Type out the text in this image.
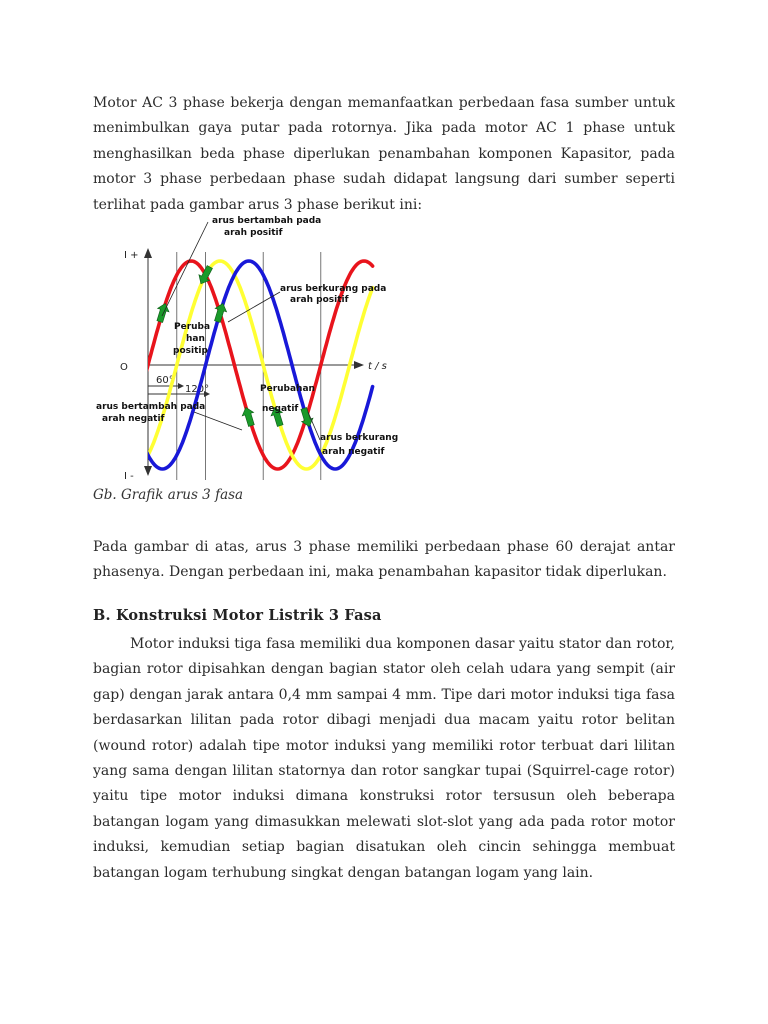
Motor AC 3 phase bekerja dengan memanfaatkan perbedaan fasa sumber untuk menimbulkan gaya putar pada rotornya. Jika pada motor AC 1 phase untuk menghasilkan beda phase diperlukan penambahan komponen Kapasitor, pada motor 3 phase perbedaan phase sudah didapat langsung dari sumber seperti terlihat pada gambar arus 3 phase berikut ini:

60°
120°
I +
I -
O	t / s
arus bertambah pada
arah positif
arus berkurang pada
arah positif
Peruba
han
positip
Perubahan
negatif
arus bertambah pada
arah negatif
arus berkurang
arah negatif

Gb. Grafik arus 3 fasa

Pada gambar di atas, arus 3 phase memiliki perbedaan phase 60 derajat antar phasenya. Dengan perbedaan ini, maka penambahan kapasitor tidak diperlukan.

B. Konstruksi Motor Listrik 3 Fasa

Motor induksi tiga fasa memiliki dua komponen dasar yaitu stator dan rotor, bagian rotor dipisahkan dengan bagian stator oleh celah udara yang sempit (air gap) dengan jarak antara 0,4 mm sampai 4 mm. Tipe dari motor induksi tiga fasa berdasarkan lilitan pada rotor dibagi menjadi dua macam yaitu rotor belitan (wound rotor) adalah tipe motor induksi yang memiliki rotor terbuat dari lilitan yang sama dengan lilitan statornya dan rotor sangkar tupai (Squirrel-cage rotor) yaitu tipe motor induksi dimana konstruksi rotor tersusun oleh beberapa batangan logam yang dimasukkan melewati slot-slot yang ada pada rotor motor induksi, kemudian setiap bagian disatukan oleh cincin sehingga membuat batangan logam terhubung singkat dengan batangan logam yang lain.
